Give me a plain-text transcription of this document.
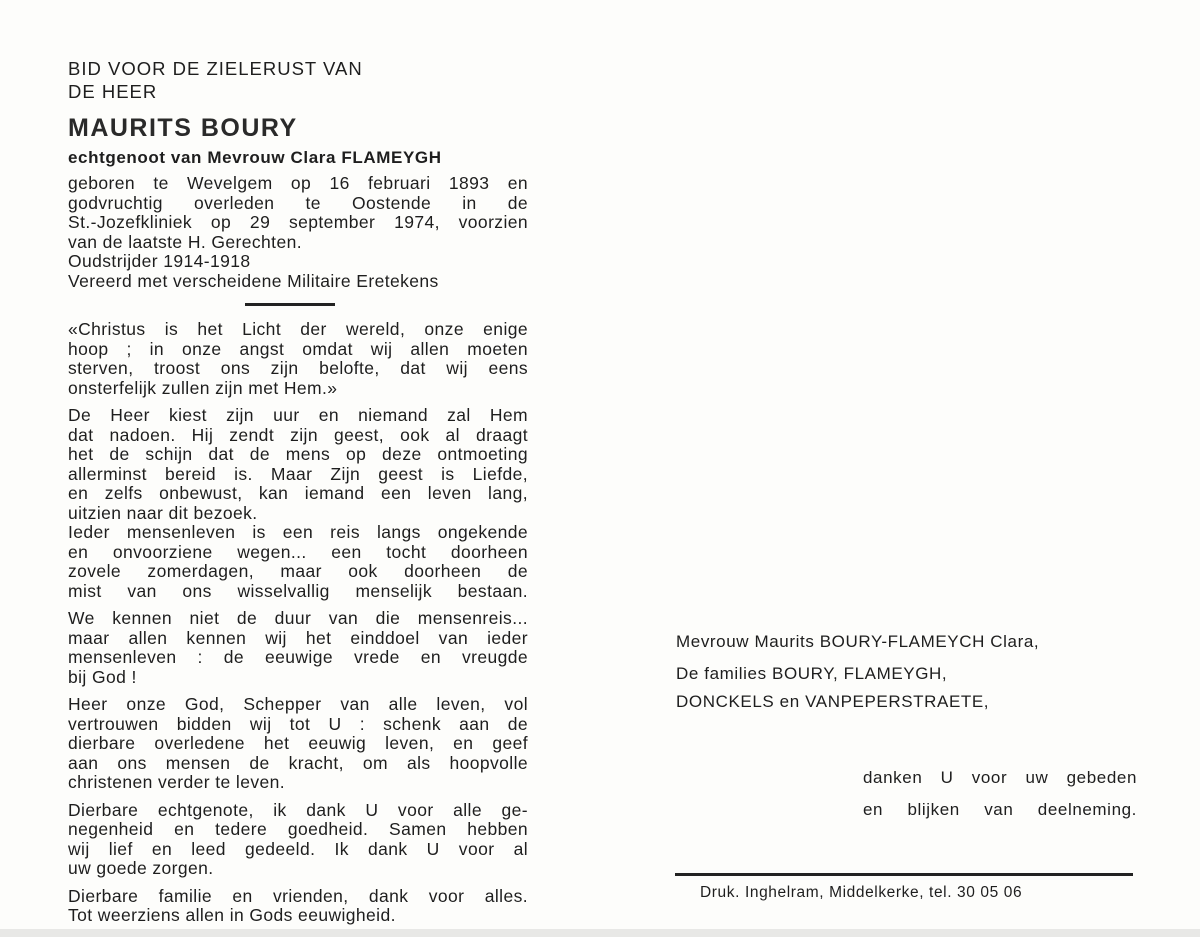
BID VOOR DE ZIELERUST VAN
DE HEER
MAURITS BOURY
echtgenoot van Mevrouw Clara FLAMEYGH
geboren te Wevelgem op 16 februari 1893 en
godvruchtig overleden te Oostende in de
St.-Jozefkliniek op 29 september 1974, voorzien
van de laatste H. Gerechten.
Oudstrijder 1914-1918
Vereerd met verscheidene Militaire Eretekens
«Christus is het Licht der wereld, onze enige
hoop ; in onze angst omdat wij allen moeten
sterven, troost ons zijn belofte, dat wij eens
onsterfelijk zullen zijn met Hem.»
De Heer kiest zijn uur en niemand zal Hem
dat nadoen. Hij zendt zijn geest, ook al draagt
het de schijn dat de mens op deze ontmoeting
allerminst bereid is. Maar Zijn geest is Liefde,
en zelfs onbewust, kan iemand een leven lang,
uitzien naar dit bezoek.
Ieder mensenleven is een reis langs ongekende
en onvoorziene wegen... een tocht doorheen
zovele zomerdagen, maar ook doorheen de
mist van ons wisselvallig menselijk bestaan.
We kennen niet de duur van die mensenreis...
maar allen kennen wij het einddoel van ieder
mensenleven : de eeuwige vrede en vreugde
bij God !
Heer onze God, Schepper van alle leven, vol
vertrouwen bidden wij tot U : schenk aan de
dierbare overledene het eeuwig leven, en geef
aan ons mensen de kracht, om als hoopvolle
christenen verder te leven.
Dierbare echtgenote, ik dank U voor alle ge-
negenheid en tedere goedheid. Samen hebben
wij lief en leed gedeeld. Ik dank U voor al
uw goede zorgen.
Dierbare familie en vrienden, dank voor alles.
Tot weerziens allen in Gods eeuwigheid.
Mevrouw Maurits BOURY-FLAMEYCH Clara,
De families BOURY, FLAMEYGH,
DONCKELS en VANPEPERSTRAETE,
danken U voor uw gebeden
en blijken van deelneming.
Druk. Inghelram, Middelkerke, tel. 30 05 06
